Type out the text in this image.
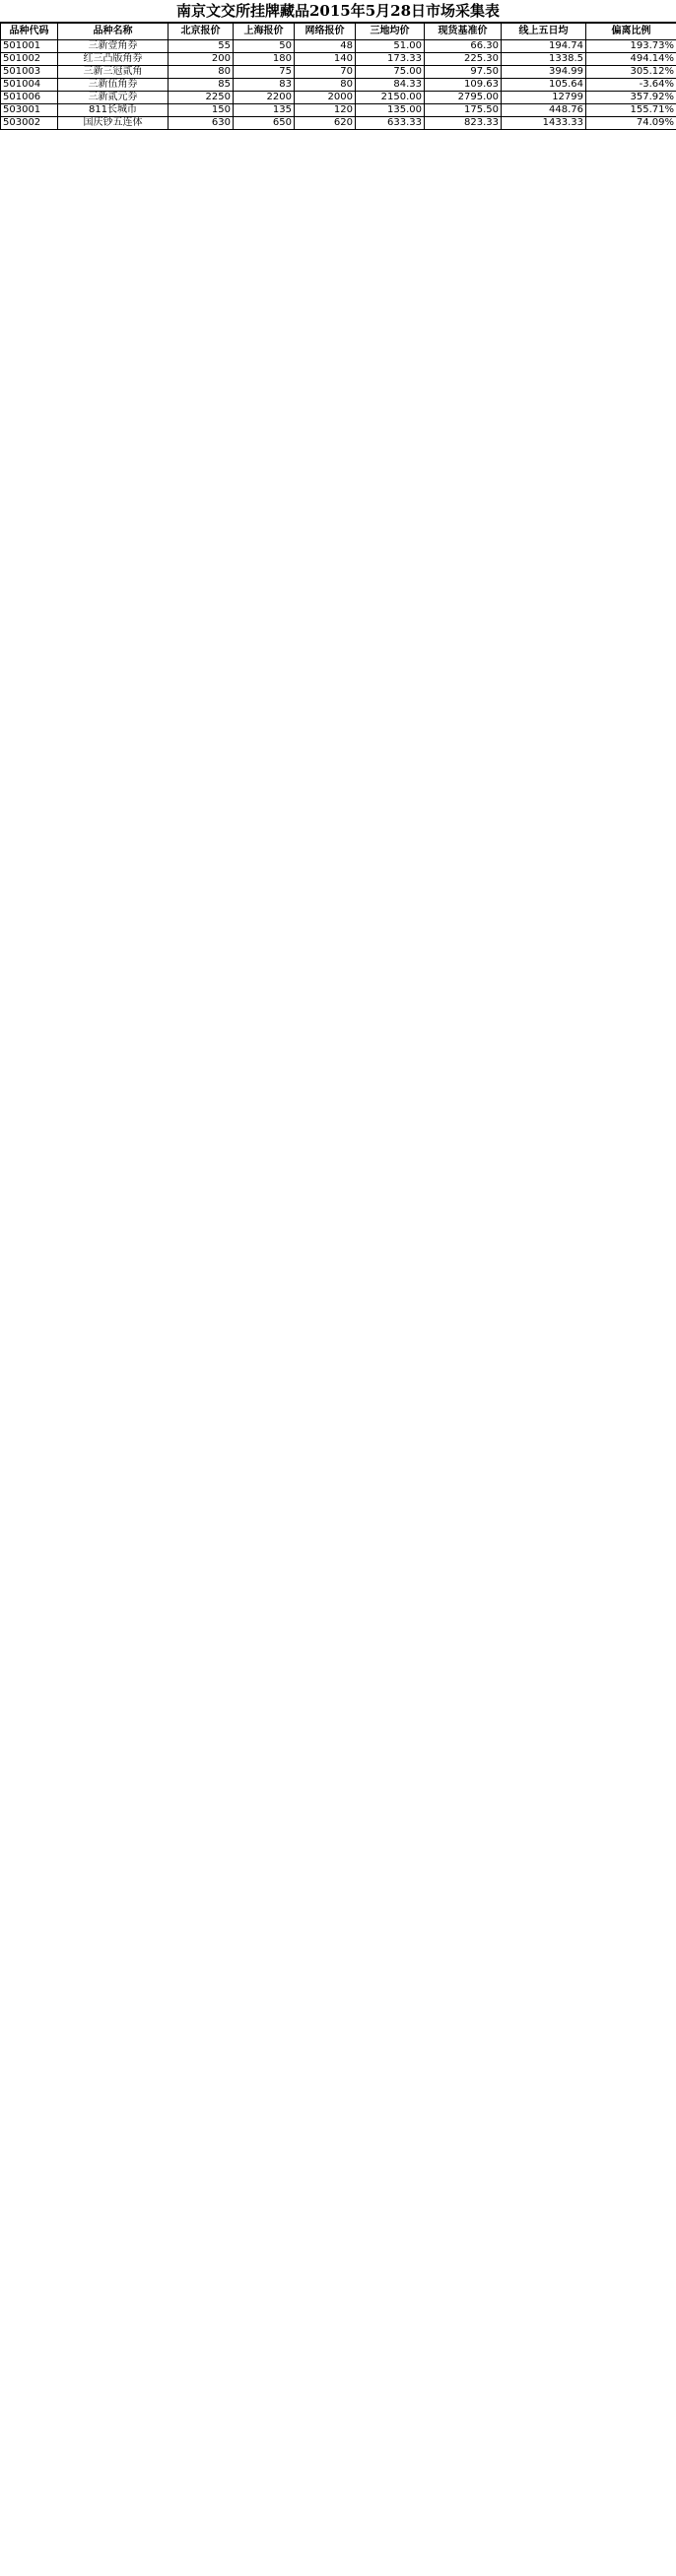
南京文交所挂牌藏品2015年5月28日市场采集表
品种代码	品种名称	北京报价	上海报价	网络报价	三地均价	现货基准价	线上五日均	偏离比例
501001	三新壹角券	55	50	48	51.00	66.30	194.74	193.73%
501002	红三凸版角券	200	180	140	173.33	225.30	1338.5	494.14%
501003	三新三冠贰角	80	75	70	75.00	97.50	394.99	305.12%
501004	三新伍角券	85	83	80	84.33	109.63	105.64	-3.64%
501006	三新贰元券	2250	2200	2000	2150.00	2795.00	12799	357.92%
503001	811长城币	150	135	120	135.00	175.50	448.76	155.71%
503002	国庆钞五连体	630	650	620	633.33	823.33	1433.33	74.09%
